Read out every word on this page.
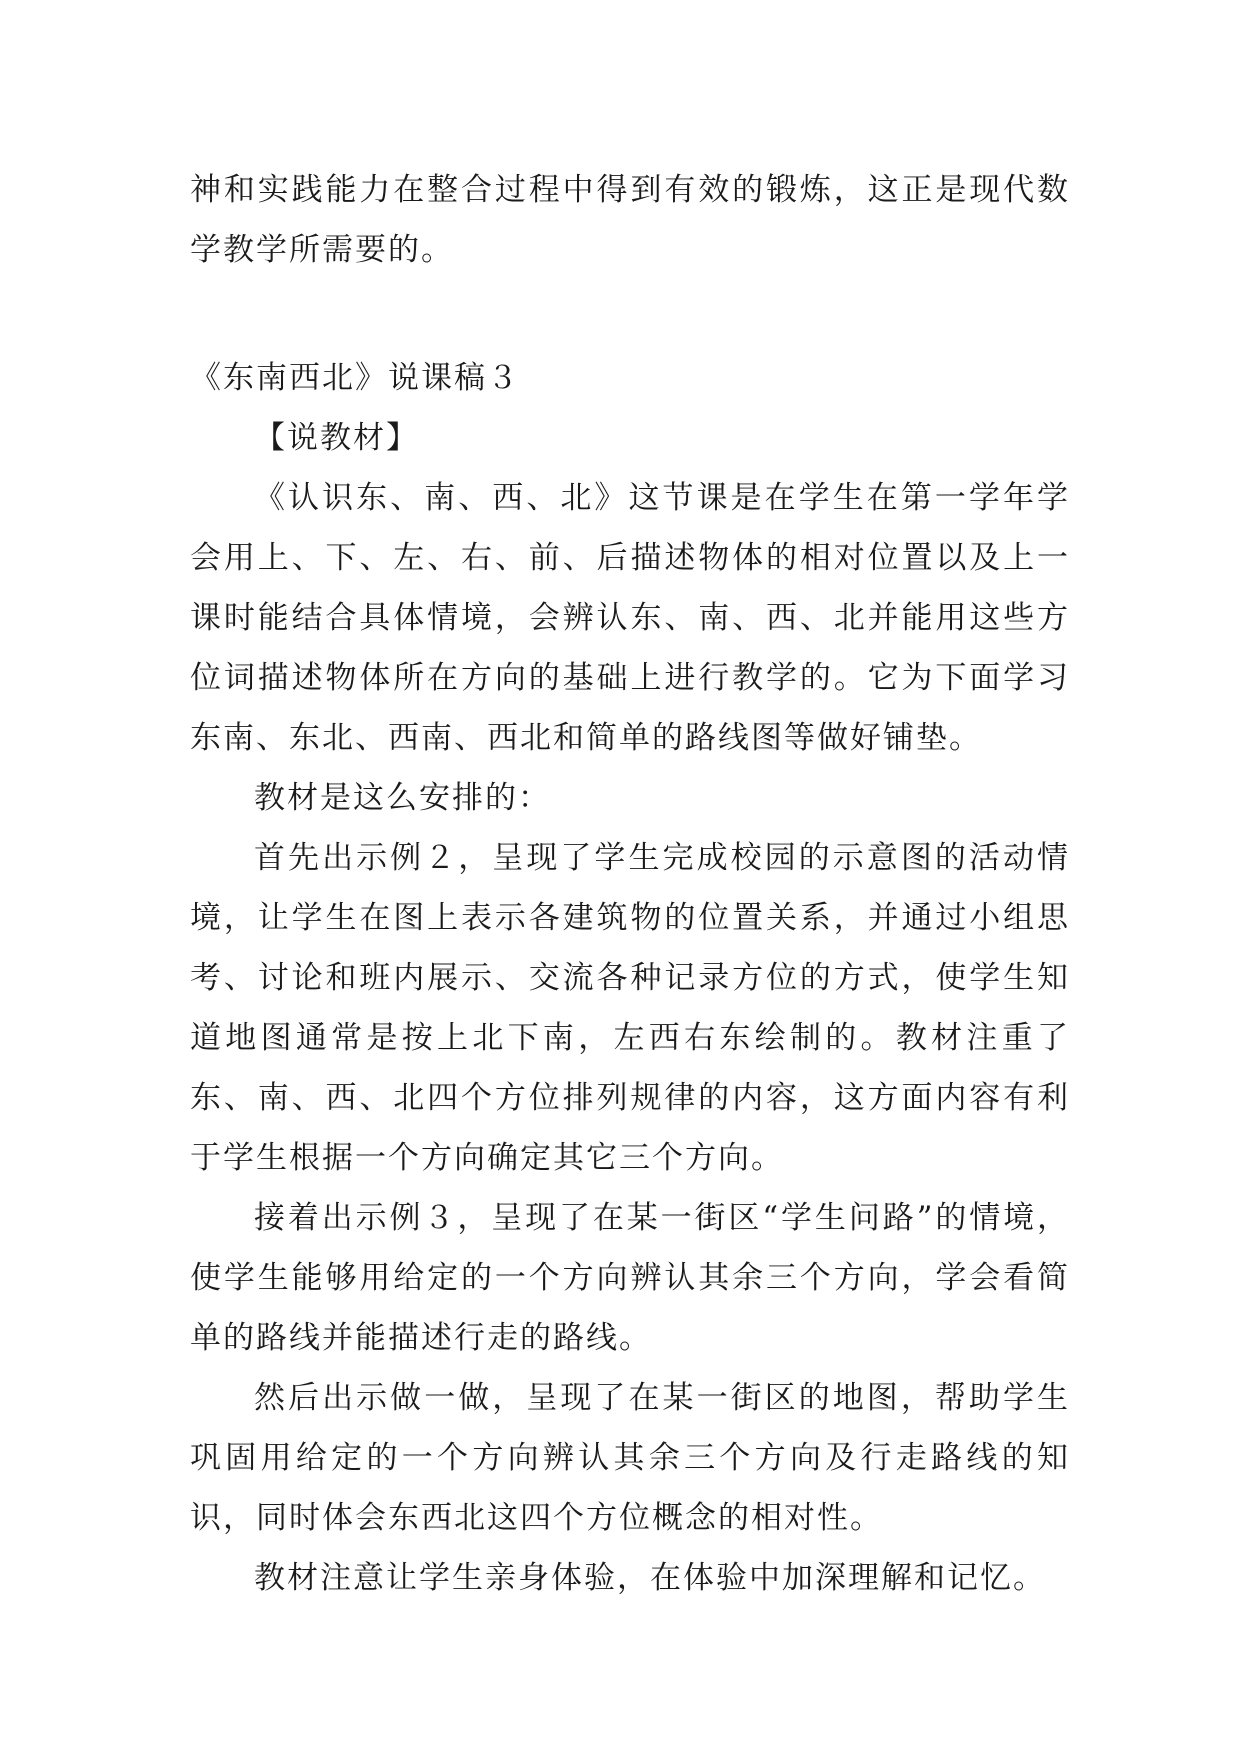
神和实践能力在整合过程中得到有效的锻炼，这正是现代数学教学所需要的。

《东南西北》说课稿３

【说教材】

《认识东、南、西、北》这节课是在学生在第一学年学会用上、下、左、右、前、后描述物体的相对位置以及上一课时能结合具体情境，会辨认东、南、西、北并能用这些方位词描述物体所在方向的基础上进行教学的。它为下面学习东南、东北、西南、西北和简单的路线图等做好铺垫。

教材是这么安排的：

首先出示例２，呈现了学生完成校园的示意图的活动情境，让学生在图上表示各建筑物的位置关系，并通过小组思考、讨论和班内展示、交流各种记录方位的方式，使学生知道地图通常是按上北下南，左西右东绘制的。教材注重了东、南、西、北四个方位排列规律的内容，这方面内容有利于学生根据一个方向确定其它三个方向。

接着出示例３，呈现了在某一街区“学生问路”的情境，使学生能够用给定的一个方向辨认其余三个方向，学会看简单的路线并能描述行走的路线。

然后出示做一做，呈现了在某一街区的地图，帮助学生巩固用给定的一个方向辨认其余三个方向及行走路线的知识，同时体会东西北这四个方位概念的相对性。

教材注意让学生亲身体验，在体验中加深理解和记忆。
